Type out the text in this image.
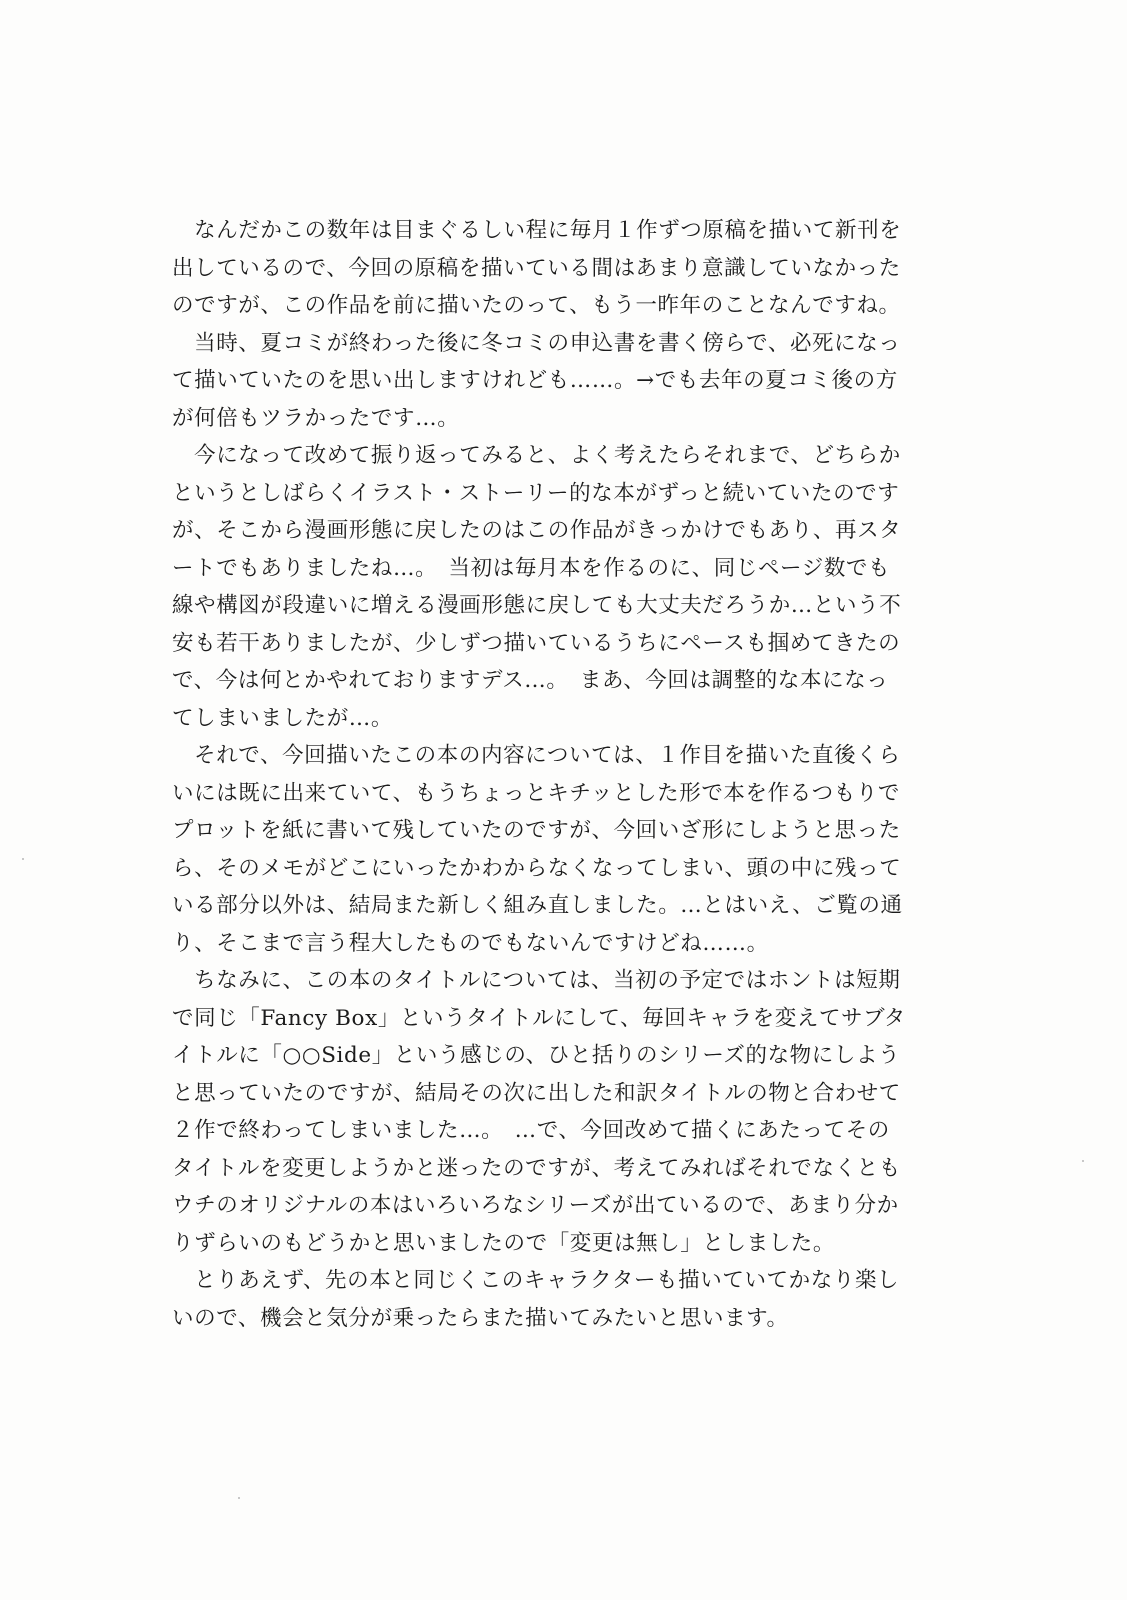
　なんだかこの数年は目まぐるしい程に毎月１作ずつ原稿を描いて新刊を
出しているので、今回の原稿を描いている間はあまり意識していなかった
のですが、この作品を前に描いたのって、もう一昨年のことなんですね。
　当時、夏コミが終わった後に冬コミの申込書を書く傍らで、必死になっ
て描いていたのを思い出しますけれども……。→でも去年の夏コミ後の方
が何倍もツラかったです…。
　今になって改めて振り返ってみると、よく考えたらそれまで、どちらか
というとしばらくイラスト・ストーリー的な本がずっと続いていたのです
が、そこから漫画形態に戻したのはこの作品がきっかけでもあり、再スタ
ートでもありましたね…。　当初は毎月本を作るのに、同じページ数でも
線や構図が段違いに増える漫画形態に戻しても大丈夫だろうか…という不
安も若干ありましたが、少しずつ描いているうちにペースも掴めてきたの
で、今は何とかやれておりますデス…。　まあ、今回は調整的な本になっ
てしまいましたが…。
　それで、今回描いたこの本の内容については、１作目を描いた直後くら
いには既に出来ていて、もうちょっとキチッとした形で本を作るつもりで
プロットを紙に書いて残していたのですが、今回いざ形にしようと思った
ら、そのメモがどこにいったかわからなくなってしまい、頭の中に残って
いる部分以外は、結局また新しく組み直しました。…とはいえ、ご覧の通
り、そこまで言う程大したものでもないんですけどね……。
　ちなみに、この本のタイトルについては、当初の予定ではホントは短期
で同じ「Fancy Box」というタイトルにして、毎回キャラを変えてサブタ
イトルに「○○Side」という感じの、ひと括りのシリーズ的な物にしよう
と思っていたのですが、結局その次に出した和訳タイトルの物と合わせて
２作で終わってしまいました…。　…で、今回改めて描くにあたってその
タイトルを変更しようかと迷ったのですが、考えてみればそれでなくとも
ウチのオリジナルの本はいろいろなシリーズが出ているので、あまり分か
りずらいのもどうかと思いましたので「変更は無し」としました。
　とりあえず、先の本と同じくこのキャラクターも描いていてかなり楽し
いので、機会と気分が乗ったらまた描いてみたいと思います。
